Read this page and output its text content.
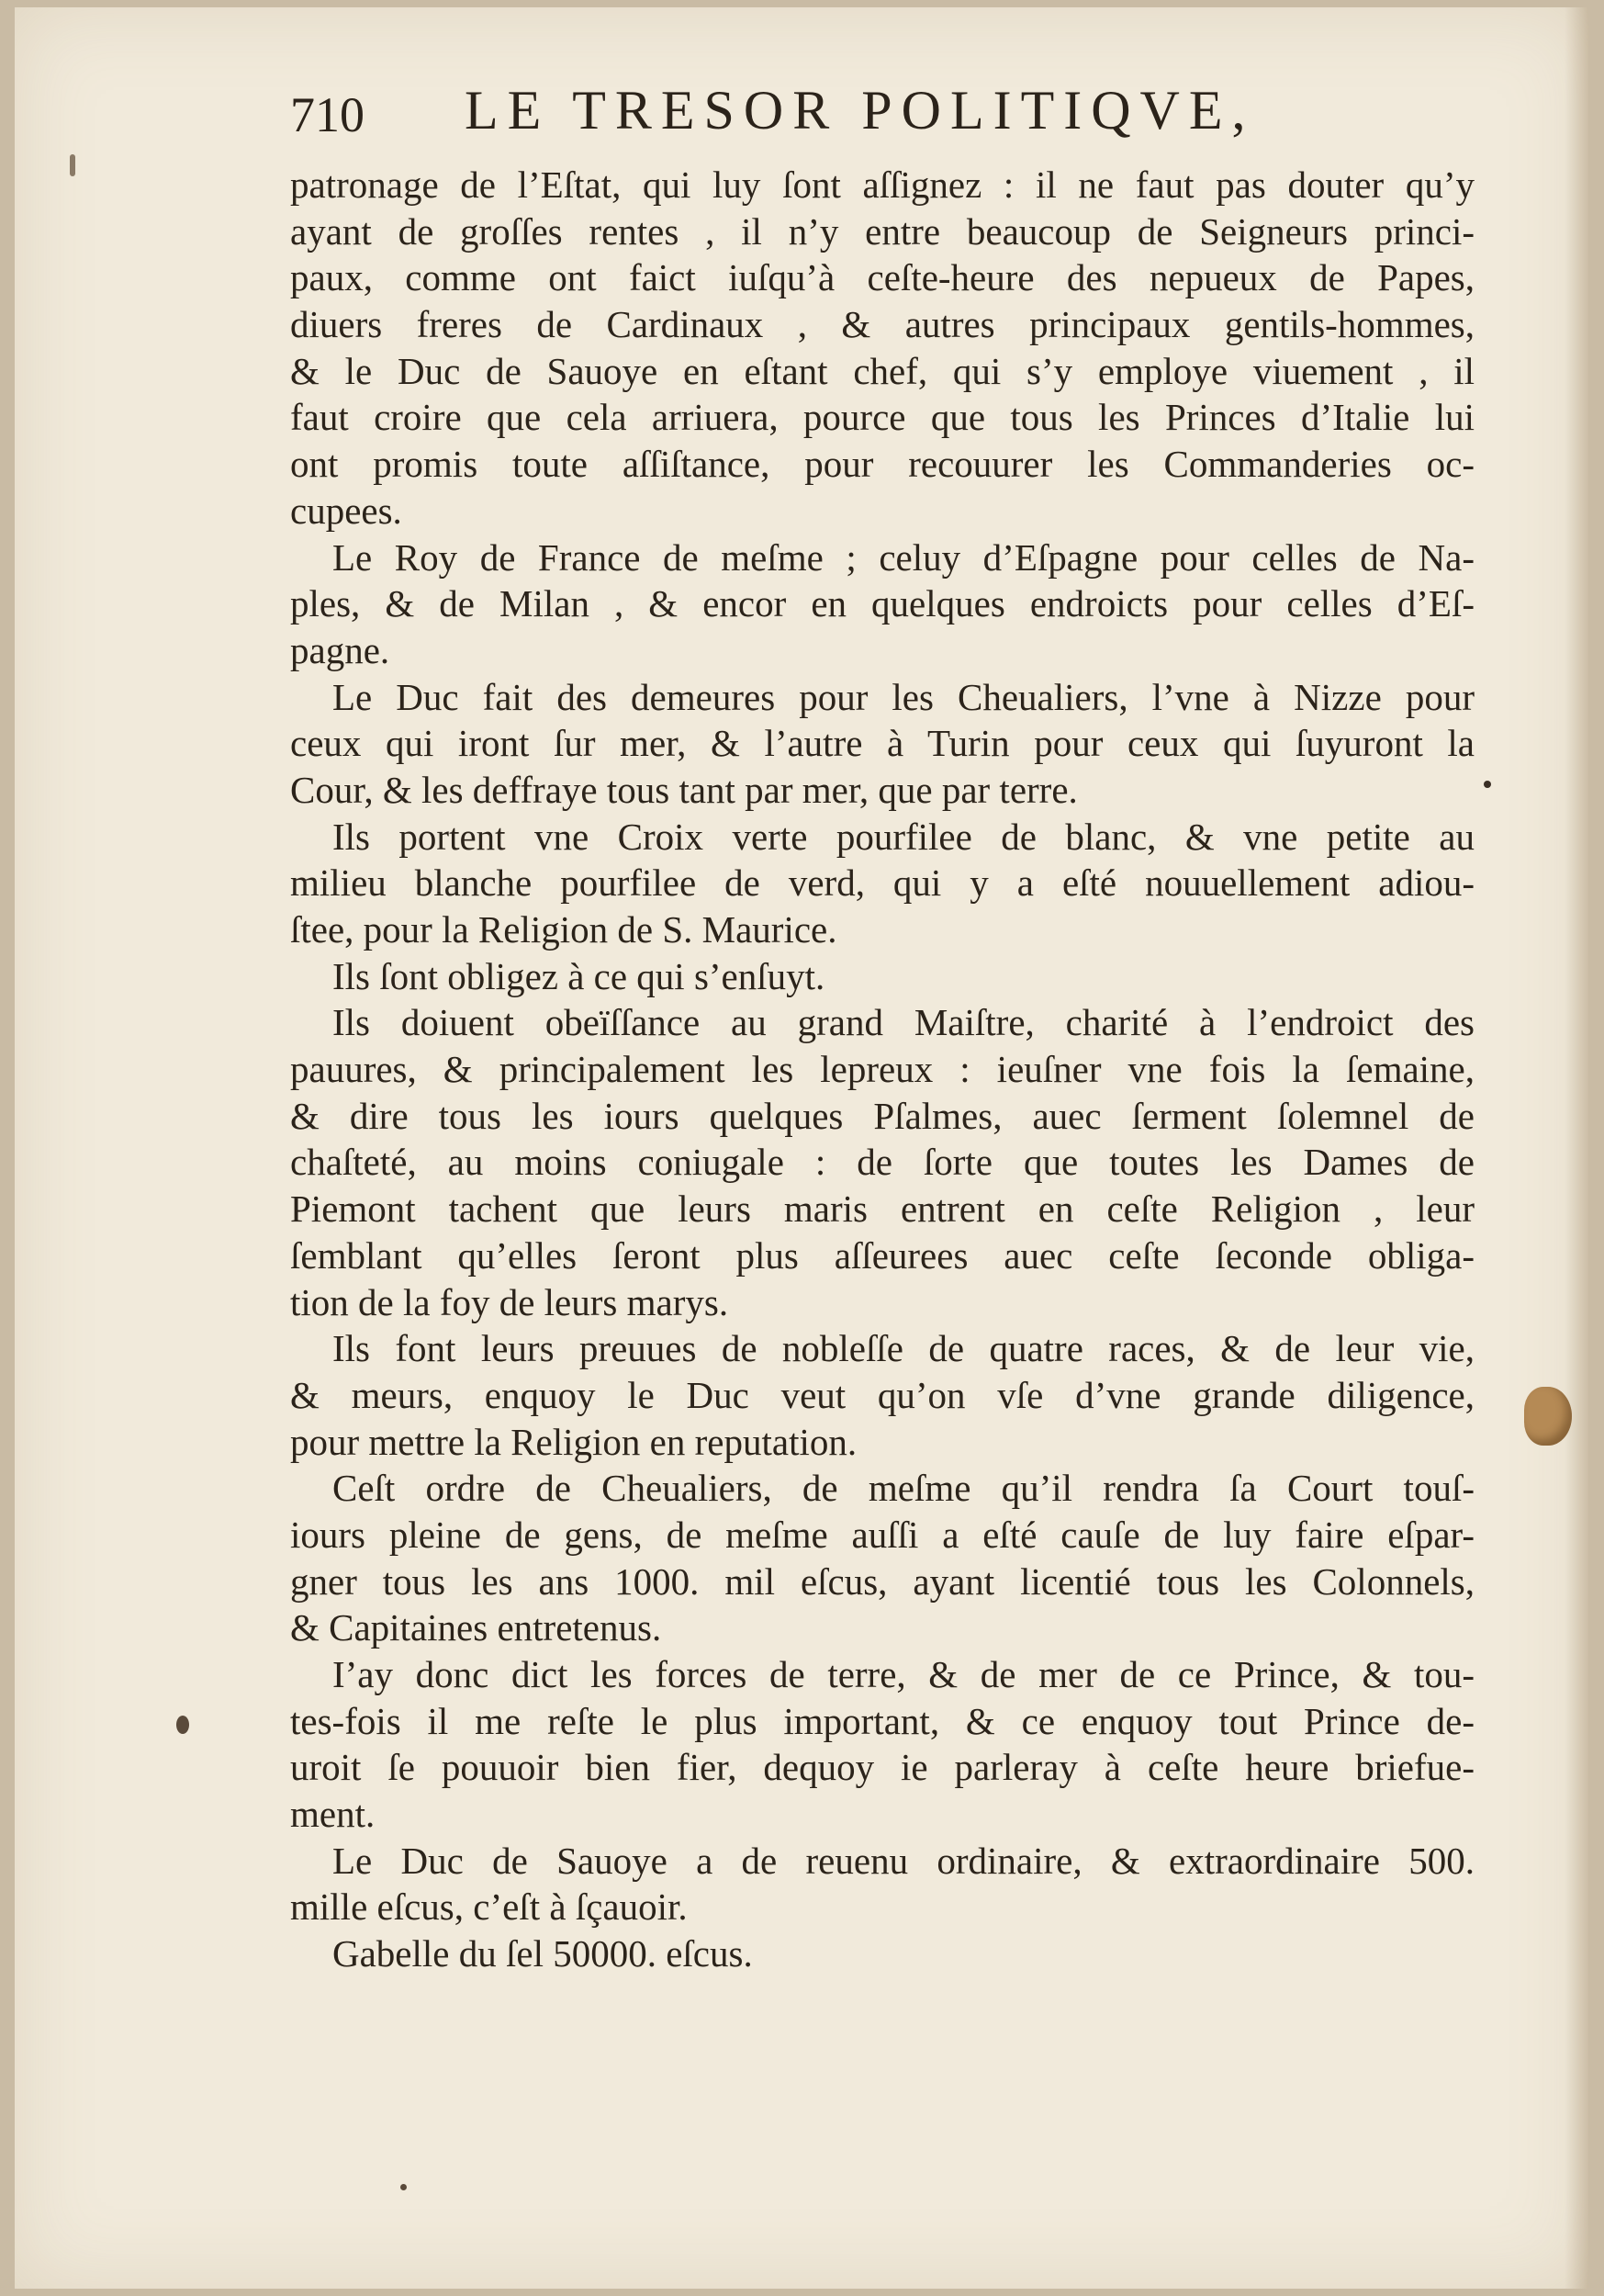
710 LE TRESOR POLITIQVE,
patronage de l’Eſtat, qui luy ſont aſſignez : il ne faut pas douter qu’y
ayant de groſſes rentes , il n’y entre beaucoup de Seigneurs princi-
paux, comme ont faict iuſqu’à ceſte-heure des nepueux de Papes,
diuers freres de Cardinaux , & autres principaux gentils-hommes,
& le Duc de Sauoye en eſtant chef, qui s’y employe viuement , il
faut croire que cela arriuera, pource que tous les Princes d’Italie lui
ont promis toute aſſiſtance, pour recouurer les Commanderies oc-
cupees.
Le Roy de France de meſme ; celuy d’Eſpagne pour celles de Na-
ples, & de Milan , & encor en quelques endroicts pour celles d’Eſ-
pagne.
Le Duc fait des demeures pour les Cheualiers, l’vne à Nizze pour
ceux qui iront ſur mer, & l’autre à Turin pour ceux qui ſuyuront la
Cour, & les deffraye tous tant par mer, que par terre.
Ils portent vne Croix verte pourfilee de blanc, & vne petite au
milieu blanche pourfilee de verd, qui y a eſté nouuellement adiou-
ſtee, pour la Religion de S. Maurice.
Ils ſont obligez à ce qui s’enſuyt.
Ils doiuent obeïſſance au grand Maiſtre, charité à l’endroict des
pauures, & principalement les lepreux : ieuſner vne fois la ſemaine,
& dire tous les iours quelques Pſalmes, auec ſerment ſolemnel de
chaſteté, au moins coniugale : de ſorte que toutes les Dames de
Piemont tachent que leurs maris entrent en ceſte Religion , leur
ſemblant qu’elles ſeront plus aſſeurees auec ceſte ſeconde obliga-
tion de la foy de leurs marys.
Ils font leurs preuues de nobleſſe de quatre races, & de leur vie,
& meurs, enquoy le Duc veut qu’on vſe d’vne grande diligence,
pour mettre la Religion en reputation.
Ceſt ordre de Cheualiers, de meſme qu’il rendra ſa Court touſ-
iours pleine de gens, de meſme auſſi a eſté cauſe de luy faire eſpar-
gner tous les ans 1000. mil eſcus, ayant licentié tous les Colonnels,
& Capitaines entretenus.
I’ay donc dict les forces de terre, & de mer de ce Prince, & tou-
tes-fois il me reſte le plus important, & ce enquoy tout Prince de-
uroit ſe pouuoir bien fier, dequoy ie parleray à ceſte heure briefue-
ment.
Le Duc de Sauoye a de reuenu ordinaire, & extraordinaire 500.
mille eſcus, c’eſt à ſçauoir.
Gabelle du ſel 50000. eſcus.
